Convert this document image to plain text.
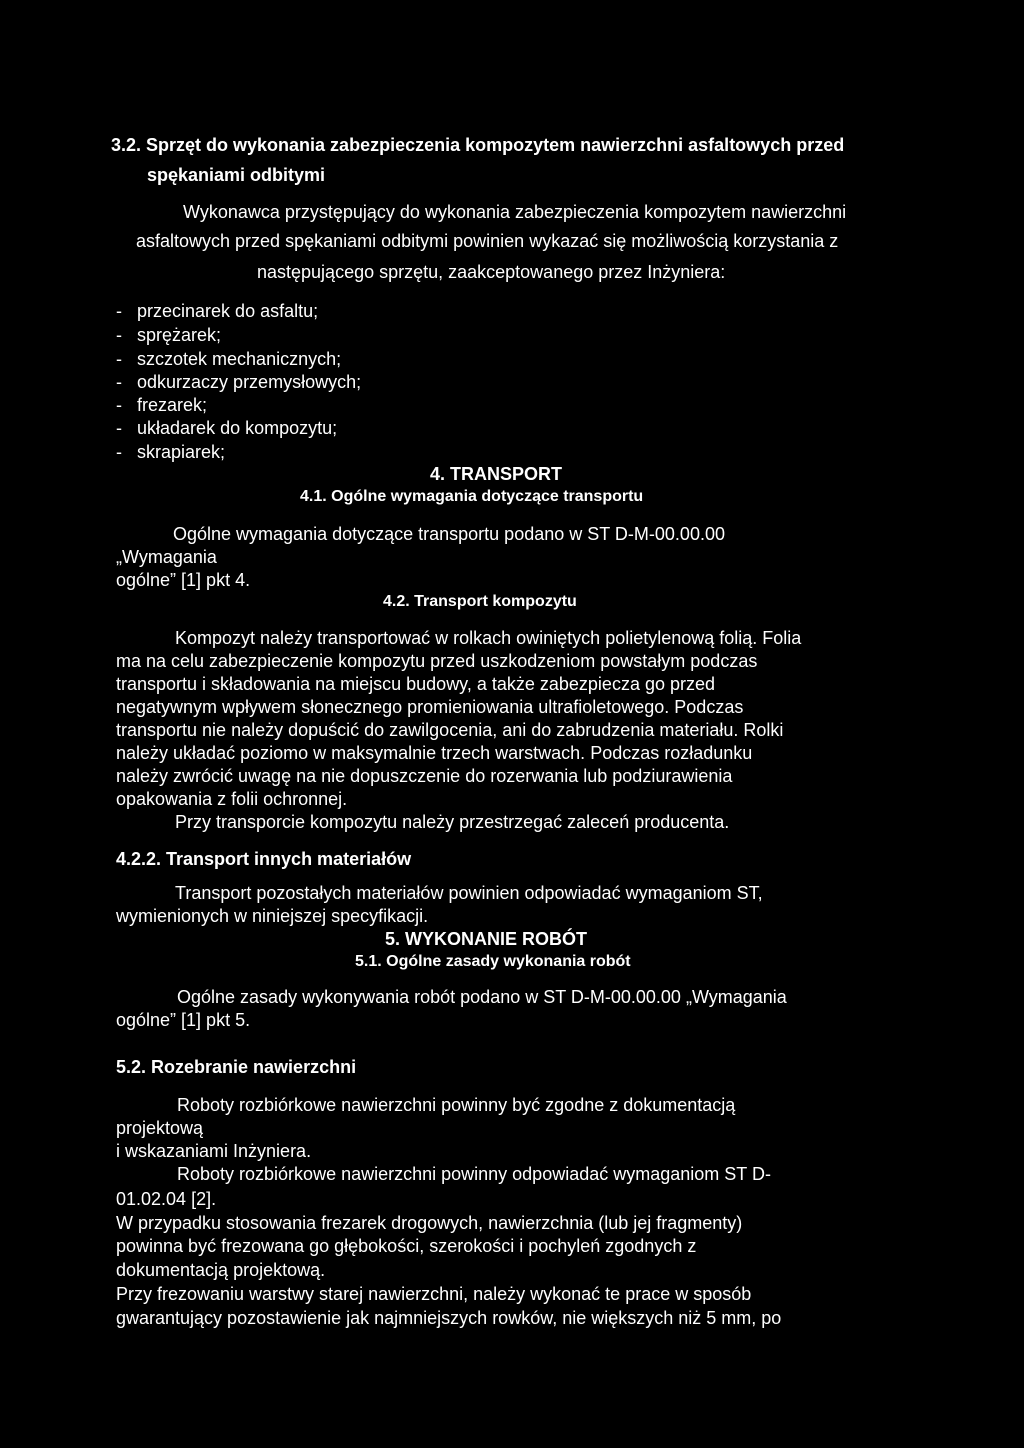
3.2. Sprzęt do wykonania zabezpieczenia kompozytem nawierzchni asfaltowych przed
spękaniami odbitymi
Wykonawca przystępujący do wykonania zabezpieczenia kompozytem nawierzchni
asfaltowych przed spękaniami odbitymi powinien wykazać się możliwością korzystania z
następującego sprzętu, zaakceptowanego przez Inżyniera:
- przecinarek do asfaltu;
- sprężarek;
- szczotek mechanicznych;
- odkurzaczy przemysłowych;
- frezarek;
- układarek do kompozytu;
- skrapiarek;
4. TRANSPORT
4.1. Ogólne wymagania dotyczące transportu
Ogólne wymagania dotyczące transportu podano w ST D-M-00.00.00
„Wymagania
ogólne” [1] pkt 4.
4.2. Transport kompozytu
Kompozyt należy transportować w rolkach owiniętych polietylenową folią. Folia
ma na celu zabezpieczenie kompozytu przed uszkodzeniom powstałym podczas
transportu i składowania na miejscu budowy, a także zabezpiecza go przed
negatywnym wpływem słonecznego promieniowania ultrafioletowego. Podczas
transportu nie należy dopuścić do zawilgocenia, ani do zabrudzenia materiału. Rolki
należy układać poziomo w maksymalnie trzech warstwach. Podczas rozładunku
należy zwrócić uwagę na nie dopuszczenie do rozerwania lub podziurawienia
opakowania z folii ochronnej.
Przy transporcie kompozytu należy przestrzegać zaleceń producenta.
4.2.2. Transport innych materiałów
Transport pozostałych materiałów powinien odpowiadać wymaganiom ST,
wymienionych w niniejszej specyfikacji.
5. WYKONANIE ROBÓT
5.1. Ogólne zasady wykonania robót
Ogólne zasady wykonywania robót podano w ST D-M-00.00.00 „Wymagania
ogólne” [1] pkt 5.
5.2. Rozebranie nawierzchni
Roboty rozbiórkowe nawierzchni powinny być zgodne z dokumentacją
projektową
i wskazaniami Inżyniera.
Roboty rozbiórkowe nawierzchni powinny odpowiadać wymaganiom ST D-
01.02.04 [2].
W przypadku stosowania frezarek drogowych, nawierzchnia (lub jej fragmenty)
powinna być frezowana go głębokości, szerokości i pochyleń zgodnych z
dokumentacją projektową.
Przy frezowaniu warstwy starej nawierzchni, należy wykonać te prace w sposób
gwarantujący pozostawienie jak najmniejszych rowków, nie większych niż 5 mm, po
